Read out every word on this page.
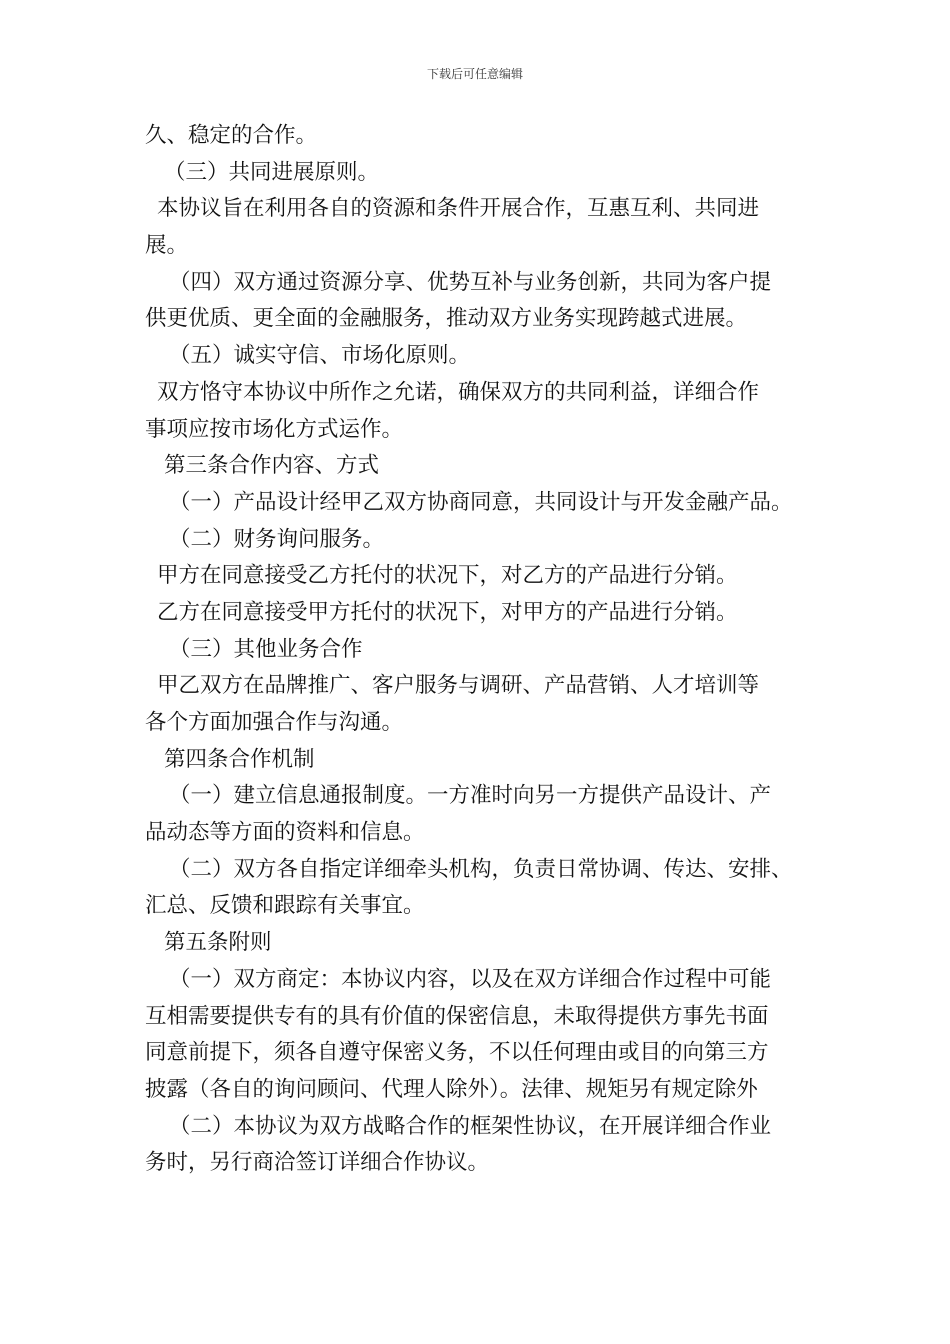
下载后可任意编辑
久、稳定的合作。
（三）共同进展原则。
本协议旨在利用各自的资源和条件开展合作，互惠互利、共同进
展。
（四）双方通过资源分享、优势互补与业务创新，共同为客户提
供更优质、更全面的金融服务，推动双方业务实现跨越式进展。
（五）诚实守信、市场化原则。
双方恪守本协议中所作之允诺，确保双方的共同利益，详细合作
事项应按市场化方式运作。
第三条合作内容、方式
（一）产品设计经甲乙双方协商同意，共同设计与开发金融产品。
（二）财务询问服务。
甲方在同意接受乙方托付的状况下，对乙方的产品进行分销。
乙方在同意接受甲方托付的状况下，对甲方的产品进行分销。
（三）其他业务合作
甲乙双方在品牌推广、客户服务与调研、产品营销、人才培训等
各个方面加强合作与沟通。
第四条合作机制
（一）建立信息通报制度。一方准时向另一方提供产品设计、产
品动态等方面的资料和信息。
（二）双方各自指定详细牵头机构，负责日常协调、传达、安排、
汇总、反馈和跟踪有关事宜。
第五条附则
（一）双方商定：本协议内容，以及在双方详细合作过程中可能
互相需要提供专有的具有价值的保密信息，未取得提供方事先书面
同意前提下，须各自遵守保密义务，不以任何理由或目的向第三方
披露（各自的询问顾问、代理人除外）。法律、规矩另有规定除外
（二）本协议为双方战略合作的框架性协议，在开展详细合作业
务时，另行商洽签订详细合作协议。
